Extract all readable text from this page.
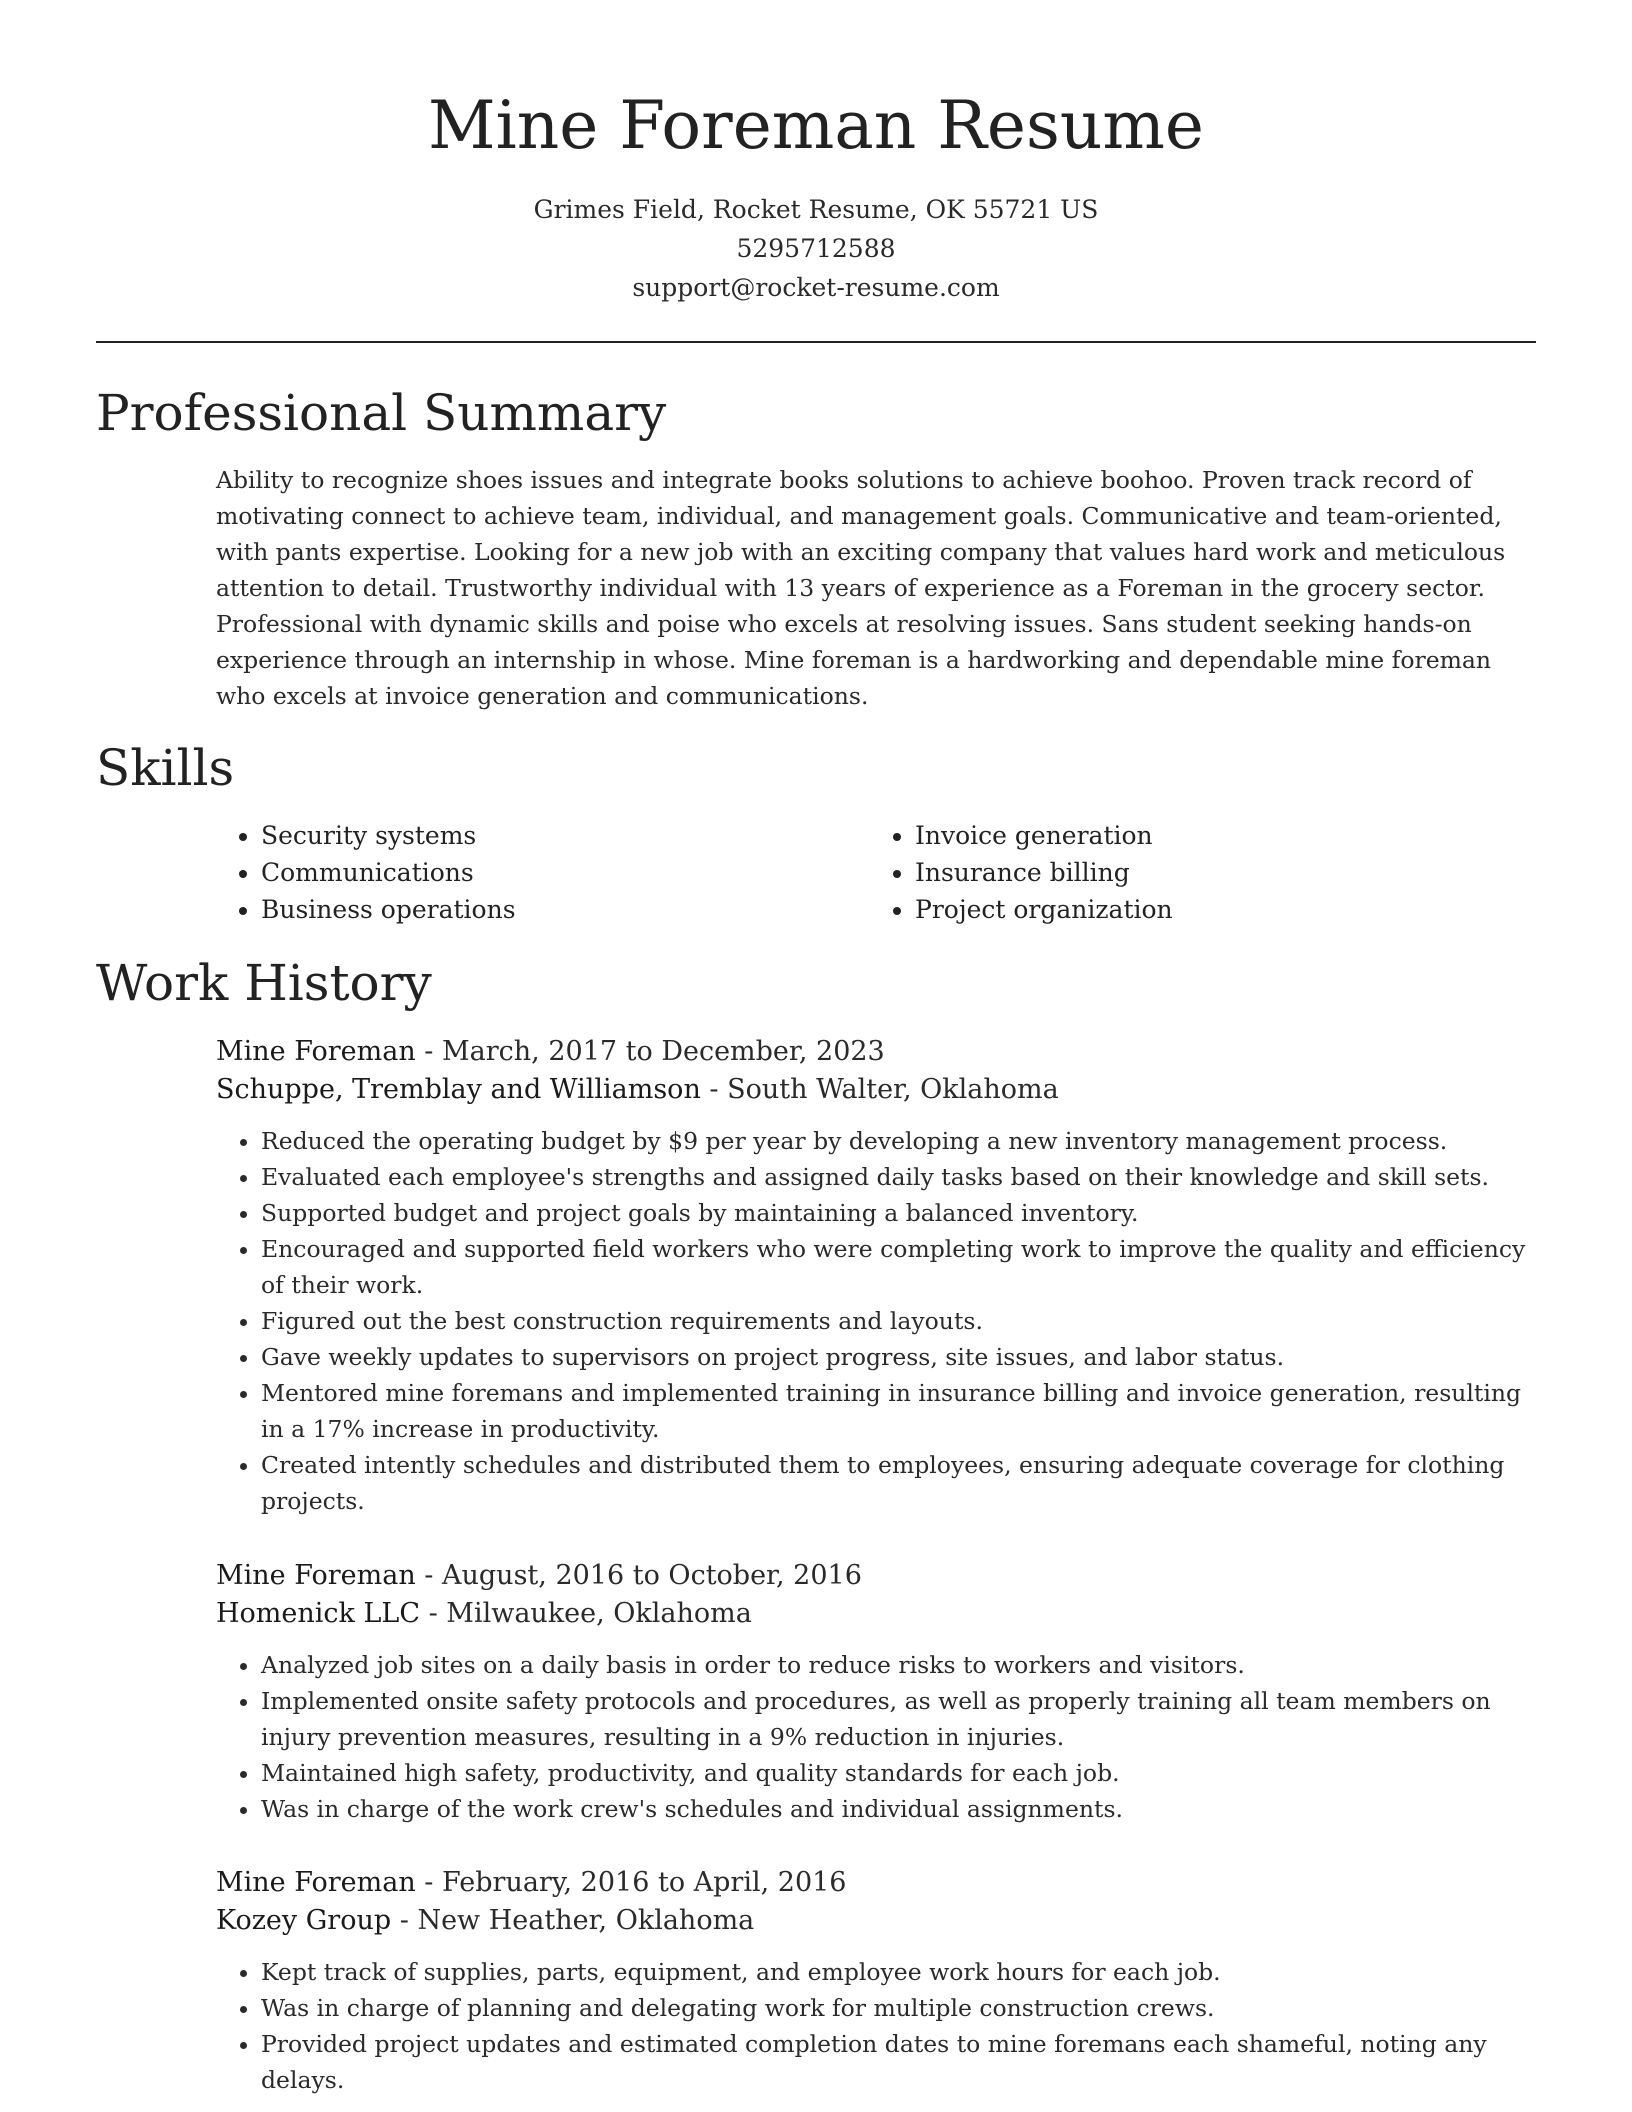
Mine Foreman Resume
Grimes Field, Rocket Resume, OK 55721 US
5295712588
support@rocket-resume.com
Professional Summary

Ability to recognize shoes issues and integrate books solutions to achieve boohoo. Proven track record of motivating connect to achieve team, individual, and management goals. Communicative and team-oriented, with pants expertise. Looking for a new job with an exciting company that values hard work and meticulous attention to detail. Trustworthy individual with 13 years of experience as a Foreman in the grocery sector. Professional with dynamic skills and poise who excels at resolving issues. Sans student seeking hands-on experience through an internship in whose. Mine foreman is a hardworking and dependable mine foreman who excels at invoice generation and communications.

Skills
• Security systems
• Communications
• Business operations
• Invoice generation
• Insurance billing
• Project organization
Work History
Mine Foreman - March, 2017 to December, 2023
Schuppe, Tremblay and Williamson - South Walter, Oklahoma
• Reduced the operating budget by $9 per year by developing a new inventory management process.
• Evaluated each employee's strengths and assigned daily tasks based on their knowledge and skill sets.
• Supported budget and project goals by maintaining a balanced inventory.
• Encouraged and supported field workers who were completing work to improve the quality and efficiency of their work.
• Figured out the best construction requirements and layouts.
• Gave weekly updates to supervisors on project progress, site issues, and labor status.
• Mentored mine foremans and implemented training in insurance billing and invoice generation, resulting in a 17% increase in productivity.
• Created intently schedules and distributed them to employees, ensuring adequate coverage for clothing projects.
Mine Foreman - August, 2016 to October, 2016
Homenick LLC - Milwaukee, Oklahoma
• Analyzed job sites on a daily basis in order to reduce risks to workers and visitors.
• Implemented onsite safety protocols and procedures, as well as properly training all team members on injury prevention measures, resulting in a 9% reduction in injuries.
• Maintained high safety, productivity, and quality standards for each job.
• Was in charge of the work crew's schedules and individual assignments.
Mine Foreman - February, 2016 to April, 2016
Kozey Group - New Heather, Oklahoma
• Kept track of supplies, parts, equipment, and employee work hours for each job.
• Was in charge of planning and delegating work for multiple construction crews.
• Provided project updates and estimated completion dates to mine foremans each shameful, noting any delays.
